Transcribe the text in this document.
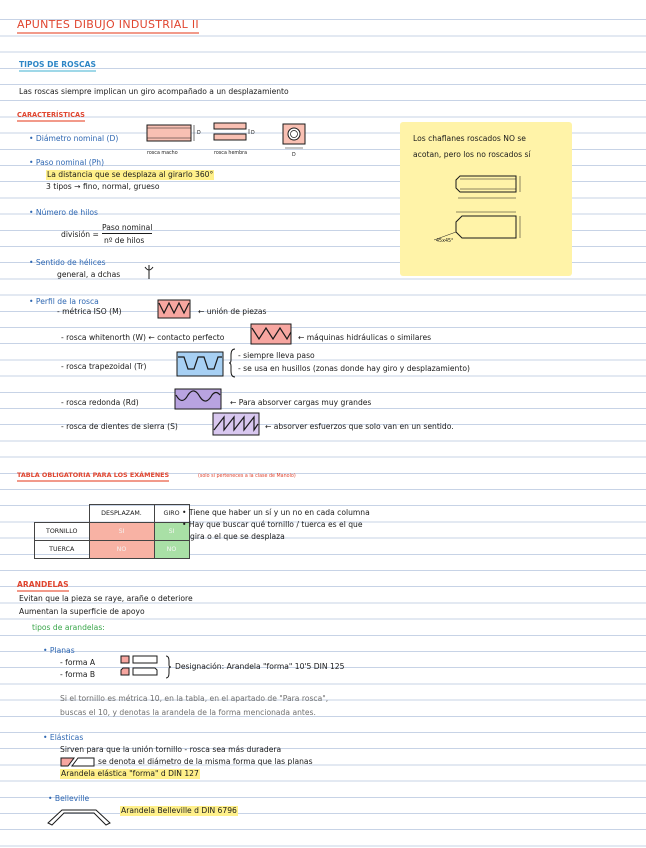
APUNTES DIBUJO INDUSTRIAL II
TIPOS DE ROSCAS
Las roscas siempre implican un giro acompañado a un desplazamiento
CARACTERÍSTICAS
• Diámetro nominal (D)
rosca macho
D
rosca hembra
D
D
• Paso nominal (Ph)
La distancia que se desplaza al girarlo 360°
3 tipos → fino, normal, grueso
• Número de hilos
división =
Paso nominal
nº de hilos
• Sentido de hélices
general, a dchas
• Perfil de la rosca
- métrica ISO (M)	← unión de piezas
- rosca whitenorth (W) ← contacto perfecto	← máquinas hidráulicas o similares
- rosca trapezoidal (Tr)
- siempre lleva paso
- se usa en husillos (zonas donde hay giro y desplazamiento)
- rosca redonda (Rd)	← Para absorver cargas muy grandes
- rosca de dientes de sierra (S)	← absorver esfuerzos que solo van en un sentido.
Los chaflanes roscados NO se
acotan, pero los no roscados sí
45x45°
TABLA OBLIGATORIA PARA LOS EXÁMENES	(solo si perteneces a la clase de Manolo)
	DESPLAZAM.	GIRO
TORNILLO	SI	SI
TUERCA	NO	NO
• Tiene que haber un sí y un no en cada columna
• Hay que buscar qué tornillo / tuerca es el que
gira o el que se desplaza
ARANDELAS
Evitan que la pieza se raye, arañe o deteriore
Aumentan la superficie de apoyo
tipos de arandelas:
• Planas
- forma A
- forma B
Designación: Arandela "forma" 10'5 DIN 125
Si el tornillo es métrica 10, en la tabla, en el apartado de "Para rosca",
buscas el 10, y denotas la arandela de la forma mencionada antes.
• Elásticas
Sirven para que la unión tornillo - rosca sea más duradera
se denota el diámetro de la misma forma que las planas
Arandela elástica "forma" d DIN 127
• Belleville
Arandela Belleville d DIN 6796
